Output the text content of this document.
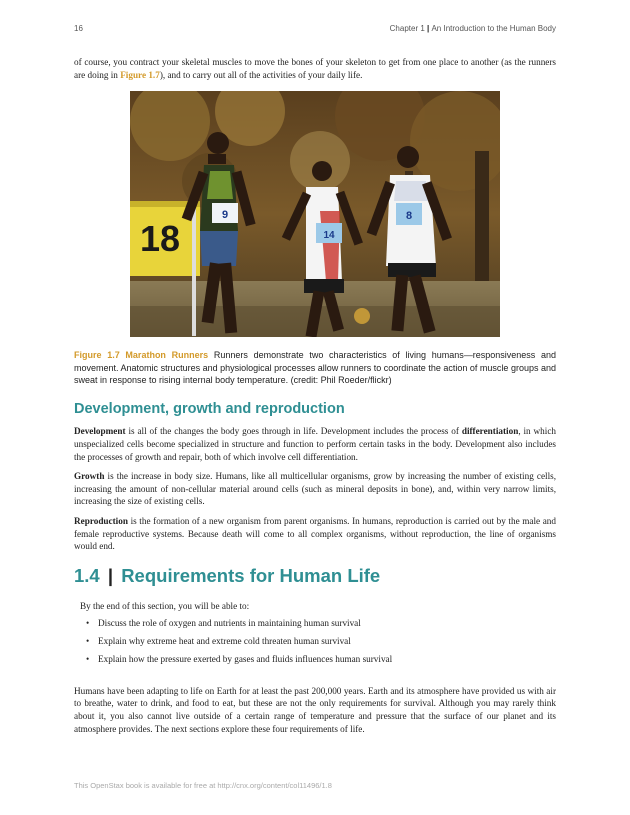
16	Chapter 1 | An Introduction to the Human Body

of course, you contract your skeletal muscles to move the bones of your skeleton to get from one place to another (as the runners are doing in Figure 1.7), and to carry out all of the activities of your daily life.

18
9
14
8

Figure 1.7 Marathon Runners Runners demonstrate two characteristics of living humans—responsiveness and movement. Anatomic structures and physiological processes allow runners to coordinate the action of muscle groups and sweat in response to rising internal body temperature. (credit: Phil Roeder/flickr)

Development, growth and reproduction

Development is all of the changes the body goes through in life. Development includes the process of differentiation, in which unspecialized cells become specialized in structure and function to perform certain tasks in the body. Development also includes the processes of growth and repair, both of which involve cell differentiation.

Growth is the increase in body size. Humans, like all multicellular organisms, grow by increasing the number of existing cells, increasing the amount of non-cellular material around cells (such as mineral deposits in bone), and, within very narrow limits, increasing the size of existing cells.

Reproduction is the formation of a new organism from parent organisms. In humans, reproduction is carried out by the male and female reproductive systems. Because death will come to all complex organisms, without reproduction, the line of organisms would end.

1.4 | Requirements for Human Life
By the end of this section, you will be able to:
• Discuss the role of oxygen and nutrients in maintaining human survival
• Explain why extreme heat and extreme cold threaten human survival
• Explain how the pressure exerted by gases and fluids influences human survival

Humans have been adapting to life on Earth for at least the past 200,000 years. Earth and its atmosphere have provided us with air to breathe, water to drink, and food to eat, but these are not the only requirements for survival. Although you may rarely think about it, you also cannot live outside of a certain range of temperature and pressure that the surface of our planet and its atmosphere provides. The next sections explore these four requirements of life.

This OpenStax book is available for free at http://cnx.org/content/col11496/1.8
